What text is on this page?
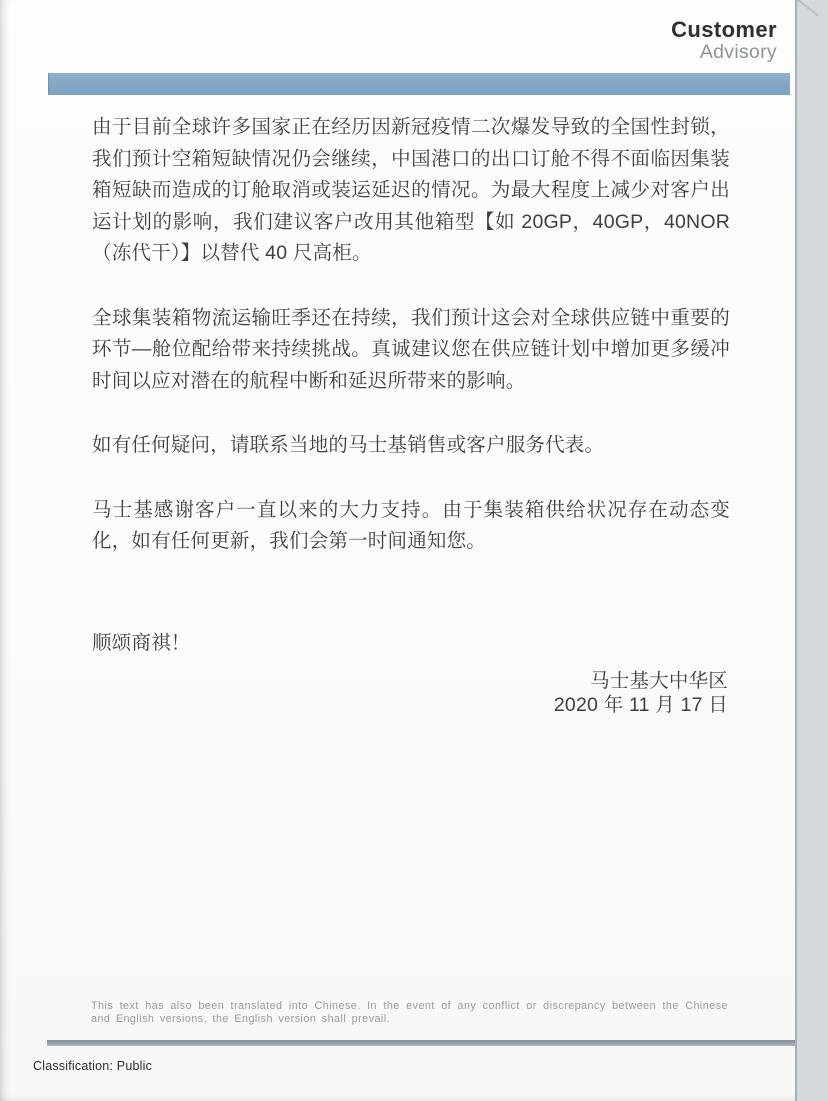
Customer
Advisory

由于目前全球许多国家正在经历因新冠疫情二次爆发导致的全国性封锁，我们预计空箱短缺情况仍会继续，中国港口的出口订舱不得不面临因集装箱短缺而造成的订舱取消或装运延迟的情况。为最大程度上减少对客户出运计划的影响，我们建议客户改用其他箱型【如 20GP，40GP，40NOR（冻代干）】以替代 40 尺高柜。

全球集装箱物流运输旺季还在持续，我们预计这会对全球供应链中重要的环节—舱位配给带来持续挑战。真诚建议您在供应链计划中增加更多缓冲时间以应对潜在的航程中断和延迟所带来的影响。

如有任何疑问，请联系当地的马士基销售或客户服务代表。

马士基感谢客户一直以来的大力支持。由于集装箱供给状况存在动态变化，如有任何更新，我们会第一时间通知您。

顺颂商祺！
马士基大中华区
2020 年 11 月 17 日
This text has also been translated into Chinese. In the event of any conflict or discrepancy between the Chinese and English versions, the English version shall prevail.
Classification: Public
